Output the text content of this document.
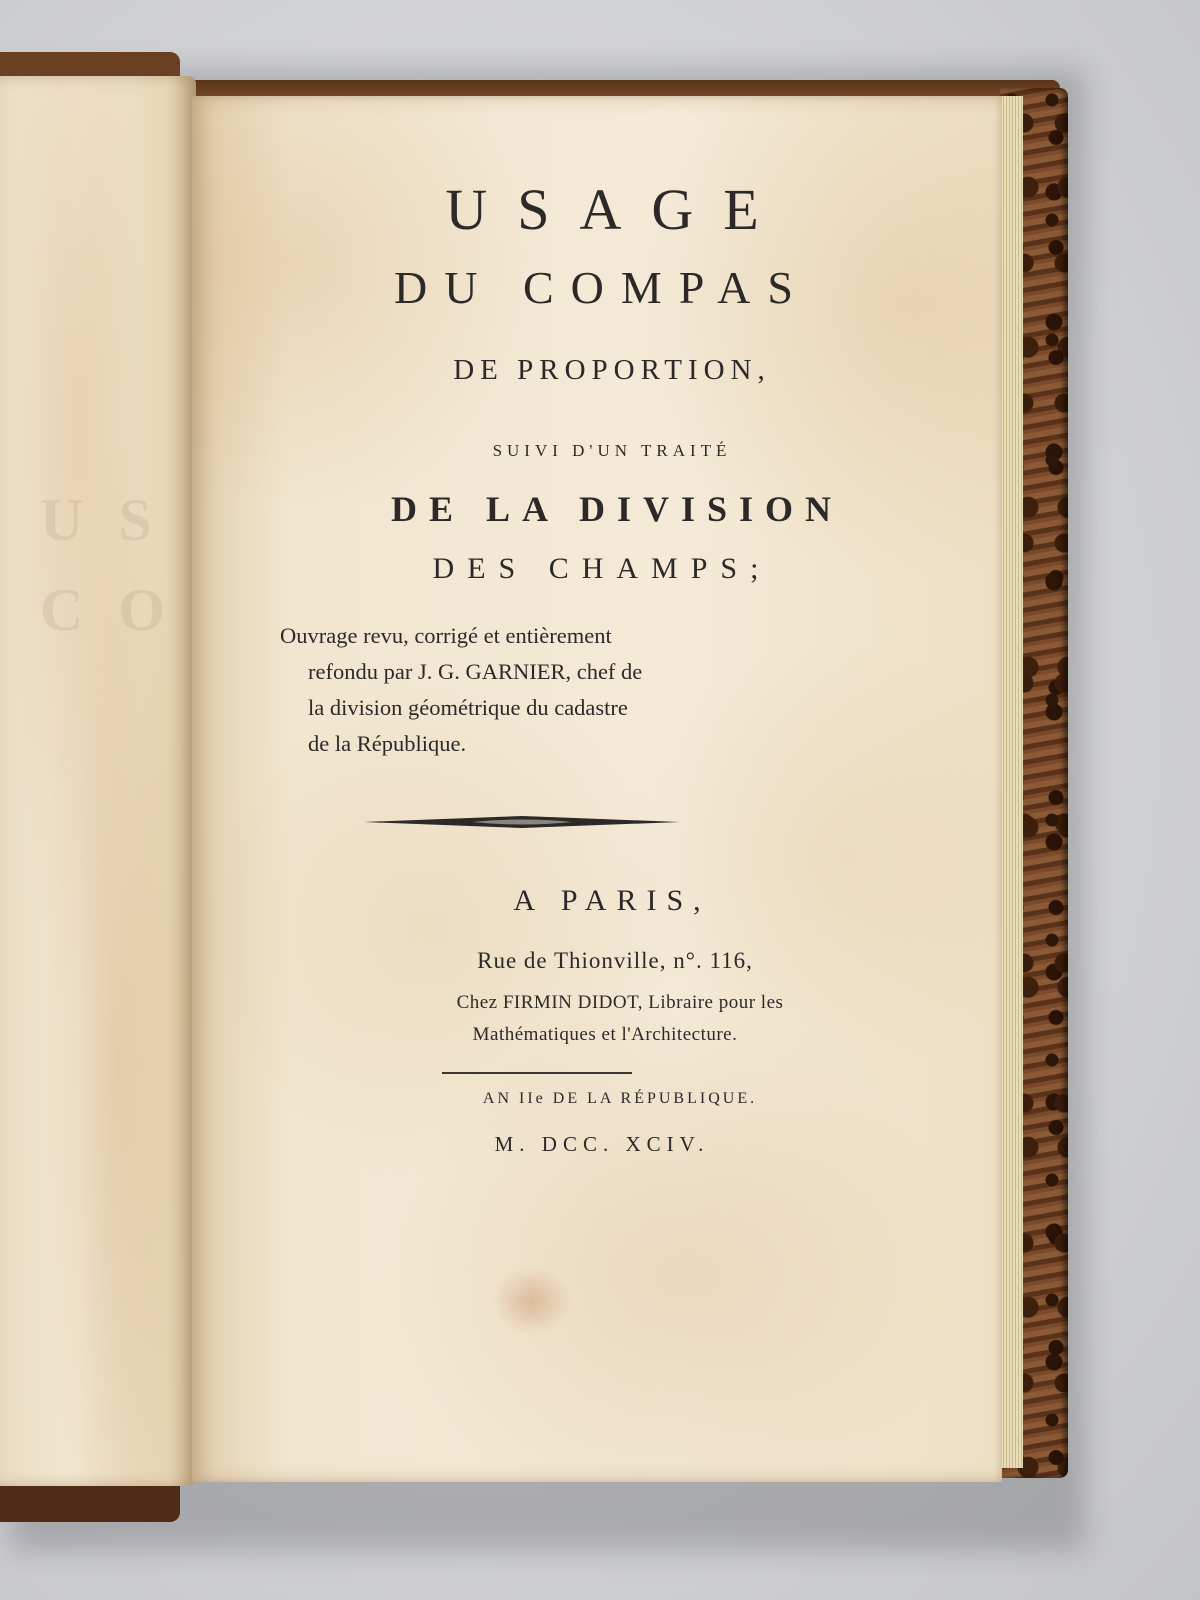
U S
C O
USAGE
DU COMPAS
DE PROPORTION,
SUIVI D'UN TRAITÉ
DE LA DIVISION
DES CHAMPS;
Ouvrage revu, corrigé et entièrement
refondu par J. G. GARNIER, chef de
la division géométrique du cadastre
de la République.
A PARIS,
Rue de Thionville, n°. 116,
Chez FIRMIN DIDOT, Libraire pour les
Mathématiques et l'Architecture.
AN IIe DE LA RÉPUBLIQUE.
M. DCC. XCIV.
